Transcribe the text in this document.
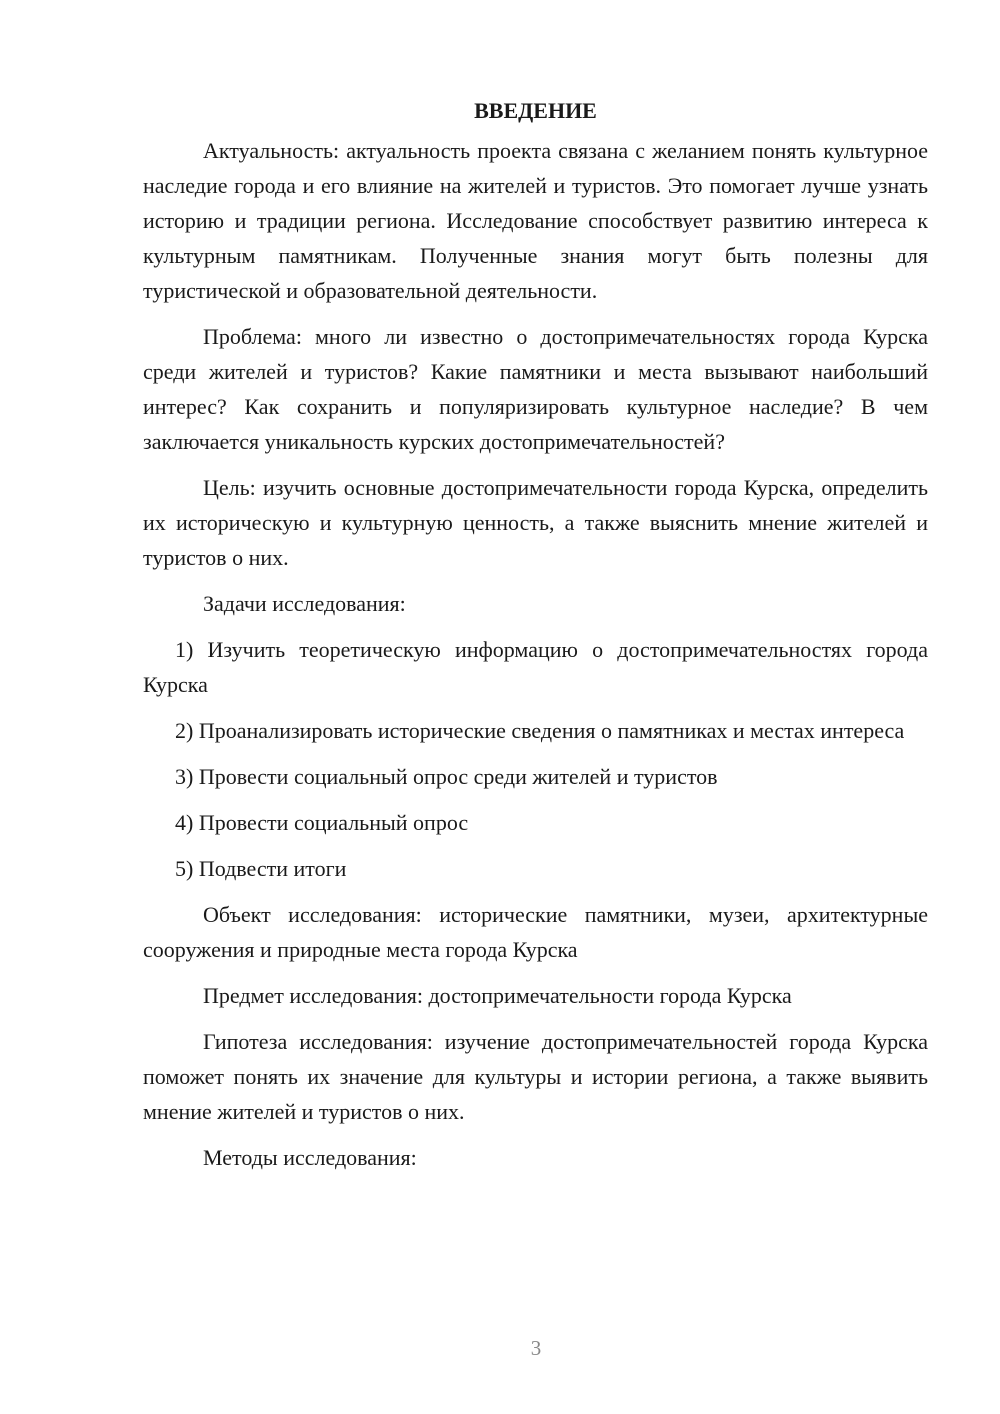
ВВЕДЕНИЕ

Актуальность: актуальность проекта связана с желанием понять культурное наследие города и его влияние на жителей и туристов. Это помогает лучше узнать историю и традиции региона. Исследование способствует развитию интереса к культурным памятникам. Полученные знания могут быть полезны для туристической и образовательной деятельности.

Проблема: много ли известно о достопримечательностях города Курска среди жителей и туристов? Какие памятники и места вызывают наибольший интерес? Как сохранить и популяризировать культурное наследие? В чем заключается уникальность курских достопримечательностей?

Цель: изучить основные достопримечательности города Курска, определить их историческую и культурную ценность, а также выяснить мнение жителей и туристов о них.

Задачи исследования:

1) Изучить теоретическую информацию о достопримечательностях города Курска

2) Проанализировать исторические сведения о памятниках и местах интереса

3) Провести социальный опрос среди жителей и туристов

4) Провести социальный опрос

5) Подвести итоги

Объект исследования: исторические памятники, музеи, архитектурные сооружения и природные места города Курска

Предмет исследования: достопримечательности города Курска

Гипотеза исследования: изучение достопримечательностей города Курска поможет понять их значение для культуры и истории региона, а также выявить мнение жителей и туристов о них.

Методы исследования:

3
